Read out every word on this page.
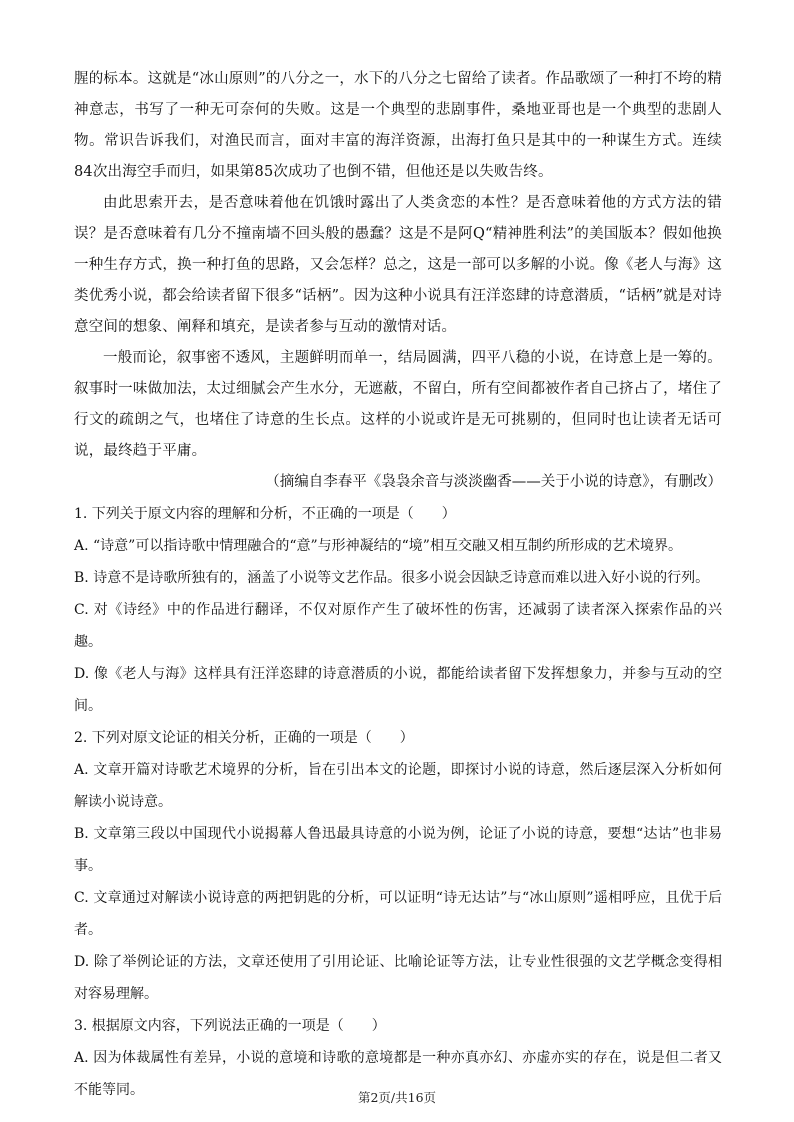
腥的标本。这就是“冰山原则”的八分之一，水下的八分之七留给了读者。作品歌颂了一种打不垮的精神意志，书写了一种无可奈何的失败。这是一个典型的悲剧事件，桑地亚哥也是一个典型的悲剧人物。常识告诉我们，对渔民而言，面对丰富的海洋资源，出海打鱼只是其中的一种谋生方式。连续84次出海空手而归，如果第85次成功了也倒不错，但他还是以失败告终。

由此思索开去，是否意味着他在饥饿时露出了人类贪恋的本性？是否意味着他的方式方法的错误？是否意味着有几分不撞南墙不回头般的愚蠢？这是不是阿Q“精神胜利法”的美国版本？假如他换一种生存方式，换一种打鱼的思路，又会怎样？总之，这是一部可以多解的小说。像《老人与海》这类优秀小说，都会给读者留下很多“话柄”。因为这种小说具有汪洋恣肆的诗意潜质，“话柄”就是对诗意空间的想象、阐释和填充，是读者参与互动的激情对话。

一般而论，叙事密不透风，主题鲜明而单一，结局圆满，四平八稳的小说，在诗意上是一筹的。叙事时一味做加法，太过细腻会产生水分，无遮蔽，不留白，所有空间都被作者自己挤占了，堵住了行文的疏朗之气，也堵住了诗意的生长点。这样的小说或许是无可挑剔的，但同时也让读者无话可说，最终趋于平庸。

（摘编自李春平《袅袅余音与淡淡幽香——关于小说的诗意》，有删改）

1. 下列关于原文内容的理解和分析，不正确的一项是（　　）

A. “诗意”可以指诗歌中情理融合的“意”与形神凝结的“境”相互交融又相互制约所形成的艺术境界。

B. 诗意不是诗歌所独有的，涵盖了小说等文艺作品。很多小说会因缺乏诗意而难以进入好小说的行列。

C. 对《诗经》中的作品进行翻译，不仅对原作产生了破坏性的伤害，还减弱了读者深入探索作品的兴趣。

D. 像《老人与海》这样具有汪洋恣肆的诗意潜质的小说，都能给读者留下发挥想象力，并参与互动的空间。

2. 下列对原文论证的相关分析，正确的一项是（　　）

A. 文章开篇对诗歌艺术境界的分析，旨在引出本文的论题，即探讨小说的诗意，然后逐层深入分析如何解读小说诗意。

B. 文章第三段以中国现代小说揭幕人鲁迅最具诗意的小说为例，论证了小说的诗意，要想“达诂”也非易事。

C. 文章通过对解读小说诗意的两把钥匙的分析，可以证明“诗无达诂”与“冰山原则”遥相呼应，且优于后者。

D. 除了举例论证的方法，文章还使用了引用论证、比喻论证等方法，让专业性很强的文艺学概念变得相对容易理解。

3. 根据原文内容，下列说法正确的一项是（　　）

A. 因为体裁属性有差异，小说的意境和诗歌的意境都是一种亦真亦幻、亦虚亦实的存在，说是但二者又不能等同。	第2页/共16页
